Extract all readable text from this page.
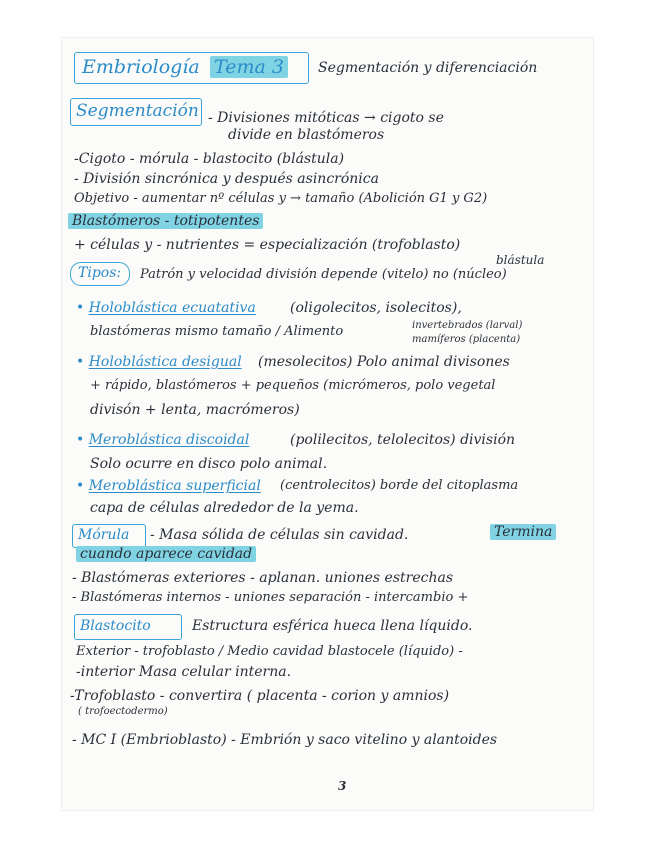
Embriología Tema 3 Segmentación y diferenciación
Segmentación - Divisiones mitóticas → cigoto se
divide en blastómeros
-Cigoto - mórula - blastocito (blástula)
- División sincrónica y después asincrónica
Objetivo - aumentar nº células y → tamaño (Abolición G1 y G2)
Blastómeros - totipotentes
+ células y - nutrientes = especialización (trofoblasto)
blástula
Tipos: Patrón y velocidad división depende (vitelo) no (núcleo)
• Holoblástica ecuatativa (oligolecitos, isolecitos),
blastómeras mismo tamaño / Alimento	invertebrados (larval)
mamíferos (placenta)
• Holoblástica desigual (mesolecitos) Polo animal divisones
+ rápido, blastómeros + pequeños (micrómeros, polo vegetal
divisón + lenta, macrómeros)
• Meroblástica discoidal	(polilecitos, telolecitos) división
Solo ocurre en disco polo animal.
• Meroblástica superficial (centrolecitos) borde del citoplasma
capa de células alrededor de la yema.
Mórula - Masa sólida de células sin cavidad.	Termina
cuando aparece cavidad
- Blastómeras exteriores - aplanan. uniones estrechas
- Blastómeras internos - uniones separación - intercambio +
Blastocito	Estructura esférica hueca llena líquido.
Exterior - trofoblasto / Medio cavidad blastocele (líquido) -
-interior Masa celular interna.
-Trofoblasto - convertira ( placenta - corion y amnios)
( trofoectodermo)
- MC I (Embrioblasto) - Embrión y saco vitelino y alantoides
3
